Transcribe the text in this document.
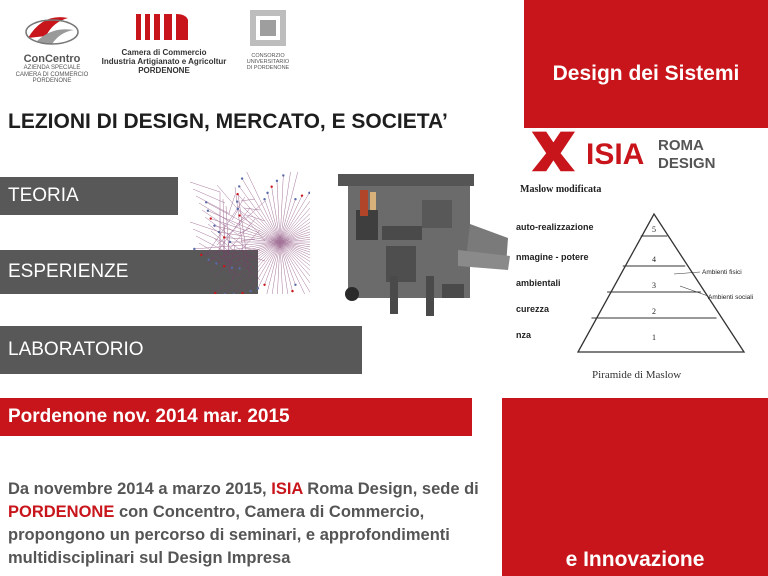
ConCentro
AZIENDA SPECIALE
CAMERA DI COMMERCIO
PORDENONE
Camera di Commercio
Industria Artigianato e Agricoltur
PORDENONE
CONSORZIO
UNIVERSITARIO
DI PORDENONE	Design dei Sistemi
LEZIONI DI DESIGN, MERCATO, E SOCIETA’
ISIA ROMA
DESIGN
TEORIA
ESPERIENZE
LABORATORIO
Maslow modificata
auto-realizzazione	5
nmagine - potere	4
ambientali	3
curezza	2
nza	1
Ambienti fisici
Ambienti sociali
Piramide di Maslow
Pordenone nov. 2014 mar. 2015
e Innovazione
Da novembre 2014 a marzo 2015, ISIA Roma Design, sede di PORDENONE con Concentro, Camera di Commercio, propongono un percorso di seminari, e approfondimenti multidisciplinari sul Design Impresa
